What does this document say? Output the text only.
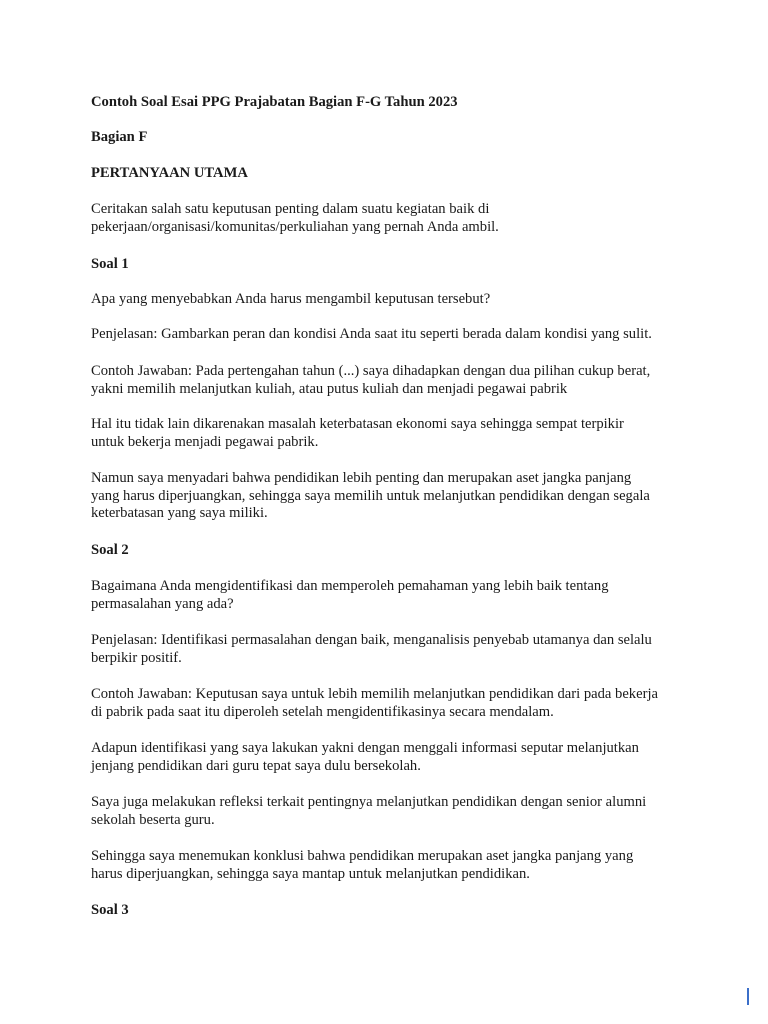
Contoh Soal Esai PPG Prajabatan Bagian F-G Tahun 2023

Bagian F

PERTANYAAN UTAMA

Ceritakan salah satu keputusan penting dalam suatu kegiatan baik di
pekerjaan/organisasi/komunitas/perkuliahan yang pernah Anda ambil.

Soal 1

Apa yang menyebabkan Anda harus mengambil keputusan tersebut?

Penjelasan: Gambarkan peran dan kondisi Anda saat itu seperti berada dalam kondisi yang sulit.

Contoh Jawaban: Pada pertengahan tahun (...) saya dihadapkan dengan dua pilihan cukup berat,
yakni memilih melanjutkan kuliah, atau putus kuliah dan menjadi pegawai pabrik

Hal itu tidak lain dikarenakan masalah keterbatasan ekonomi saya sehingga sempat terpikir
untuk bekerja menjadi pegawai pabrik.

Namun saya menyadari bahwa pendidikan lebih penting dan merupakan aset jangka panjang
yang harus diperjuangkan, sehingga saya memilih untuk melanjutkan pendidikan dengan segala
keterbatasan yang saya miliki.

Soal 2

Bagaimana Anda mengidentifikasi dan memperoleh pemahaman yang lebih baik tentang
permasalahan yang ada?

Penjelasan: Identifikasi permasalahan dengan baik, menganalisis penyebab utamanya dan selalu
berpikir positif.

Contoh Jawaban: Keputusan saya untuk lebih memilih melanjutkan pendidikan dari pada bekerja
di pabrik pada saat itu diperoleh setelah mengidentifikasinya secara mendalam.

Adapun identifikasi yang saya lakukan yakni dengan menggali informasi seputar melanjutkan
jenjang pendidikan dari guru tepat saya dulu bersekolah.

Saya juga melakukan refleksi terkait pentingnya melanjutkan pendidikan dengan senior alumni
sekolah beserta guru.

Sehingga saya menemukan konklusi bahwa pendidikan merupakan aset jangka panjang yang
harus diperjuangkan, sehingga saya mantap untuk melanjutkan pendidikan.

Soal 3
